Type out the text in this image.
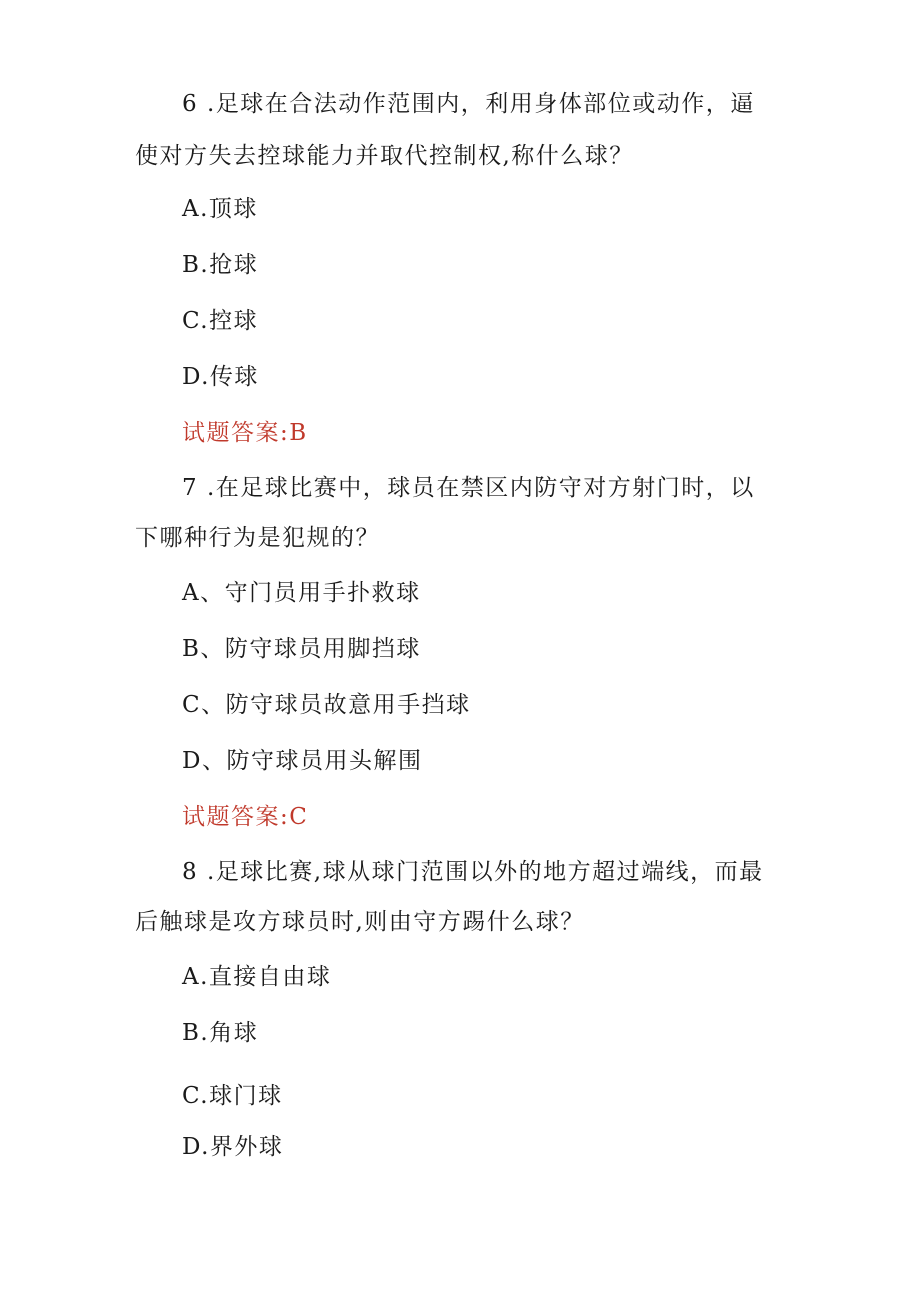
6 .足球在合法动作范围内，利用身体部位或动作，逼
使对方失去控球能力并取代控制权,称什么球？
A.顶球
B.抢球
C.控球
D.传球
试题答案:B
7 .在足球比赛中，球员在禁区内防守对方射门时，以
下哪种行为是犯规的？
A、守门员用手扑救球
B、防守球员用脚挡球
C、防守球员故意用手挡球
D、防守球员用头解围
试题答案:C
8 .足球比赛,球从球门范围以外的地方超过端线，而最
后触球是攻方球员时,则由守方踢什么球？
A.直接自由球
B.角球
C.球门球
D.界外球
